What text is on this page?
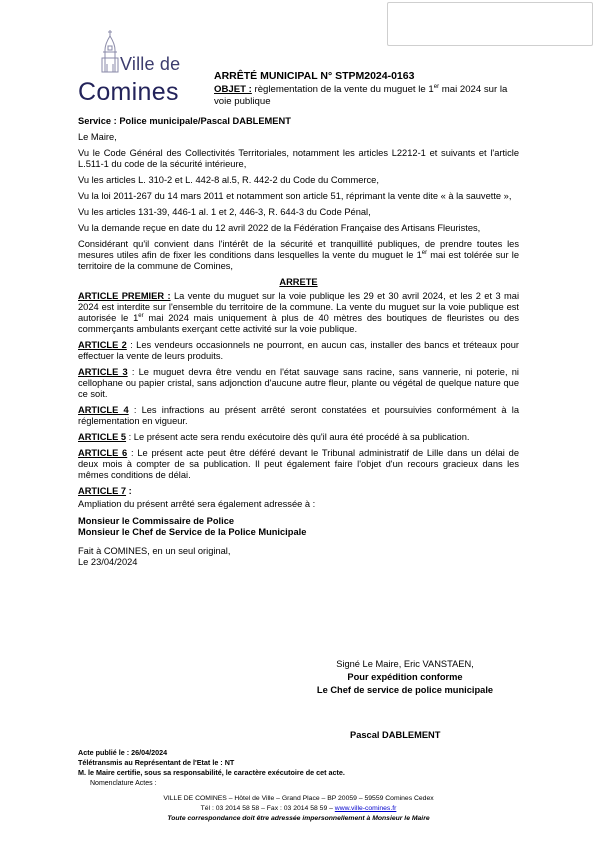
Ville de
Comines
ARRÊTÉ MUNICIPAL N° STPM2024-0163
OBJET : règlementation de la vente du muguet le 1er mai 2024 sur la voie publique

Service : Police municipale/Pascal DABLEMENT

Le Maire,

Vu le Code Général des Collectivités Territoriales, notamment les articles L2212-1 et suivants et l'article L.511-1 du code de la sécurité intérieure,

Vu les articles L. 310-2 et L. 442-8 al.5, R. 442-2 du Code du Commerce,

Vu la loi 2011-267 du 14 mars 2011 et notamment son article 51, réprimant la vente dite « à la sauvette »,

Vu les articles 131-39, 446-1 al. 1 et 2, 446-3, R. 644-3 du Code Pénal,

Vu la demande reçue en date du 12 avril 2022 de la Fédération Française des Artisans Fleuristes,

Considérant qu'il convient dans l'intérêt de la sécurité et tranquillité publiques, de prendre toutes les mesures utiles afin de fixer les conditions dans lesquelles la vente du muguet le 1er mai est tolérée sur le territoire de la commune de Comines,

ARRETE

ARTICLE PREMIER : La vente du muguet sur la voie publique les 29 et 30 avril 2024, et les 2 et 3 mai 2024 est interdite sur l'ensemble du territoire de la commune. La vente du muguet sur la voie publique est autorisée le 1er mai 2024 mais uniquement à plus de 40 mètres des boutiques de fleuristes ou des commerçants ambulants exerçant cette activité sur la voie publique.

ARTICLE 2 : Les vendeurs occasionnels ne pourront, en aucun cas, installer des bancs et tréteaux pour effectuer la vente de leurs produits.

ARTICLE 3 : Le muguet devra être vendu en l'état sauvage sans racine, sans vannerie, ni poterie, ni cellophane ou papier cristal, sans adjonction d'aucune autre fleur, plante ou végétal de quelque nature que ce soit.

ARTICLE 4 : Les infractions au présent arrêté seront constatées et poursuivies conformément à la réglementation en vigueur.

ARTICLE 5 : Le présent acte sera rendu exécutoire dès qu'il aura été procédé à sa publication.

ARTICLE 6 : Le présent acte peut être déféré devant le Tribunal administratif de Lille dans un délai de deux mois à compter de sa publication. Il peut également faire l'objet d'un recours gracieux dans les mêmes conditions de délai.

ARTICLE 7 :

Ampliation du présent arrêté sera également adressée à :

Monsieur le Commissaire de Police

Monsieur le Chef de Service de la Police Municipale

Fait à COMINES, en un seul original,

Le 23/04/2024

Signé Le Maire, Eric VANSTAEN,
Pour expédition conforme
Le Chef de service de police municipale
Pascal DABLEMENT
Acte publié le : 26/04/2024
Télétransmis au Représentant de l'Etat le : NT
M. le Maire certifie, sous sa responsabilité, le caractère exécutoire de cet acte.
Nomenclature Actes :
VILLE DE COMINES – Hôtel de Ville – Grand Place – BP 20059 – 59559 Comines Cedex
Tél : 03 2014 58 58 – Fax : 03 2014 58 59 – www.ville-comines.fr
Toute correspondance doit être adressée impersonnellement à Monsieur le Maire
